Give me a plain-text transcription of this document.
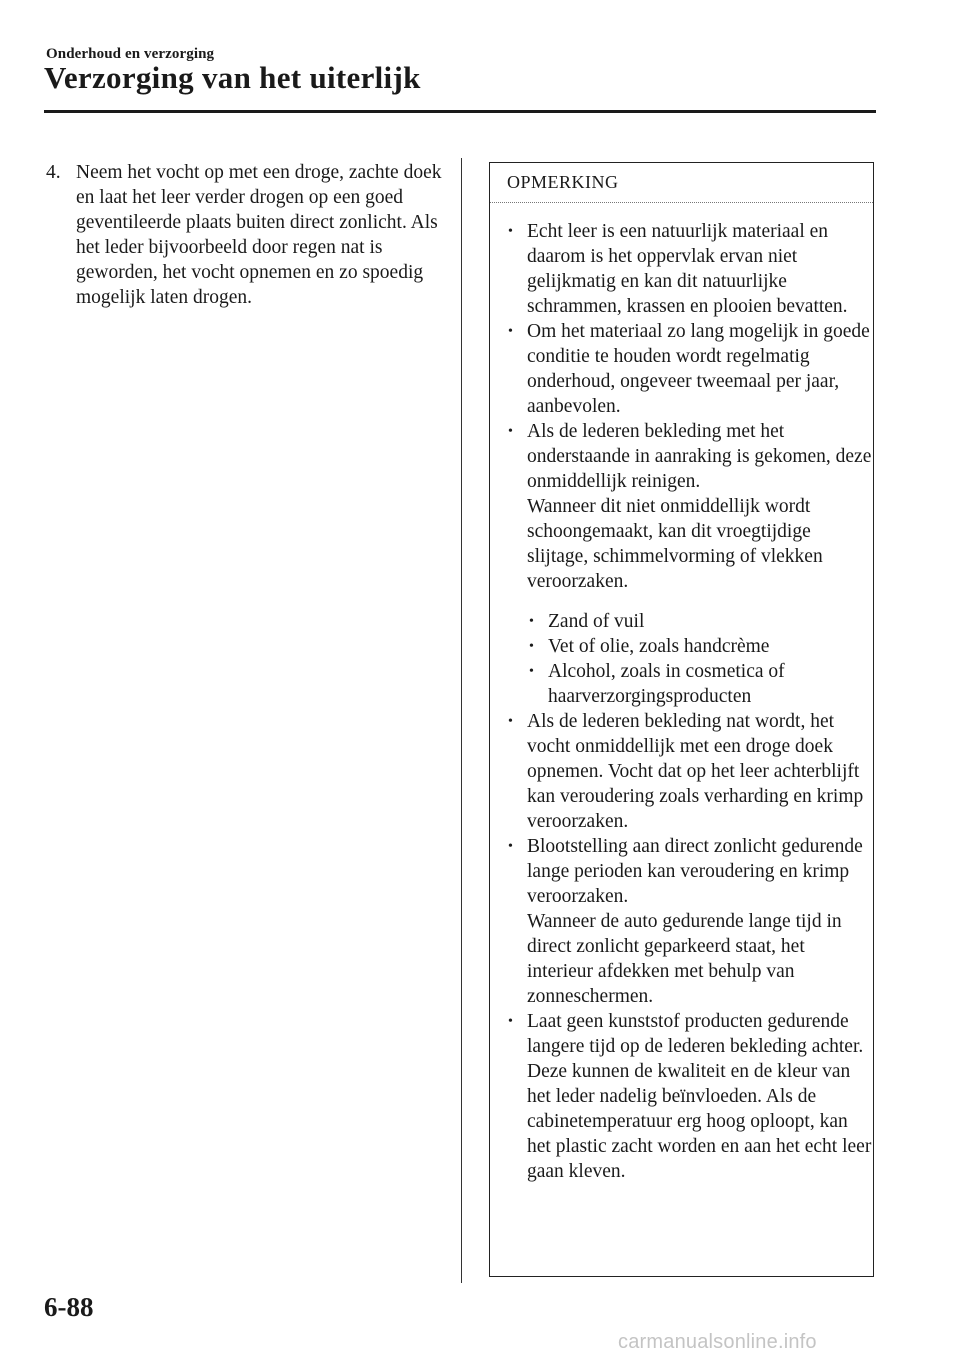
Onderhoud en verzorging
Verzorging van het uiterlijk
4. Neem het vocht op met een droge, zachte doek en laat het leer verder drogen op een goed geventileerde plaats buiten direct zonlicht. Als het leder bijvoorbeeld door regen nat is geworden, het vocht opnemen en zo spoedig mogelijk laten drogen.
OPMERKING
• Echt leer is een natuurlijk materiaal en daarom is het oppervlak ervan niet gelijkmatig en kan dit natuurlijke schrammen, krassen en plooien bevatten.

• Om het materiaal zo lang mogelijk in goede conditie te houden wordt regelmatig onderhoud, ongeveer tweemaal per jaar, aanbevolen.

• Als de lederen bekleding met het onderstaande in aanraking is gekomen, deze onmiddellijk reinigen.

Wanneer dit niet onmiddellijk wordt schoongemaakt, kan dit vroegtijdige slijtage, schimmelvorming of vlekken veroorzaken.

• Zand of vuil
• Vet of olie, zoals handcrème
• Alcohol, zoals in cosmetica of haarverzorgingsproducten
• Als de lederen bekleding nat wordt, het vocht onmiddellijk met een droge doek opnemen. Vocht dat op het leer achterblijft kan veroudering zoals verharding en krimp veroorzaken.

• Blootstelling aan direct zonlicht gedurende lange perioden kan veroudering en krimp veroorzaken.

Wanneer de auto gedurende lange tijd in direct zonlicht geparkeerd staat, het interieur afdekken met behulp van zonneschermen.

• Laat geen kunststof producten gedurende langere tijd op de lederen bekleding achter. Deze kunnen de kwaliteit en de kleur van het leder nadelig beïnvloeden. Als de cabinetemperatuur erg hoog oploopt, kan het plastic zacht worden en aan het echt leer gaan kleven.

6-88
carmanualsonline.info
